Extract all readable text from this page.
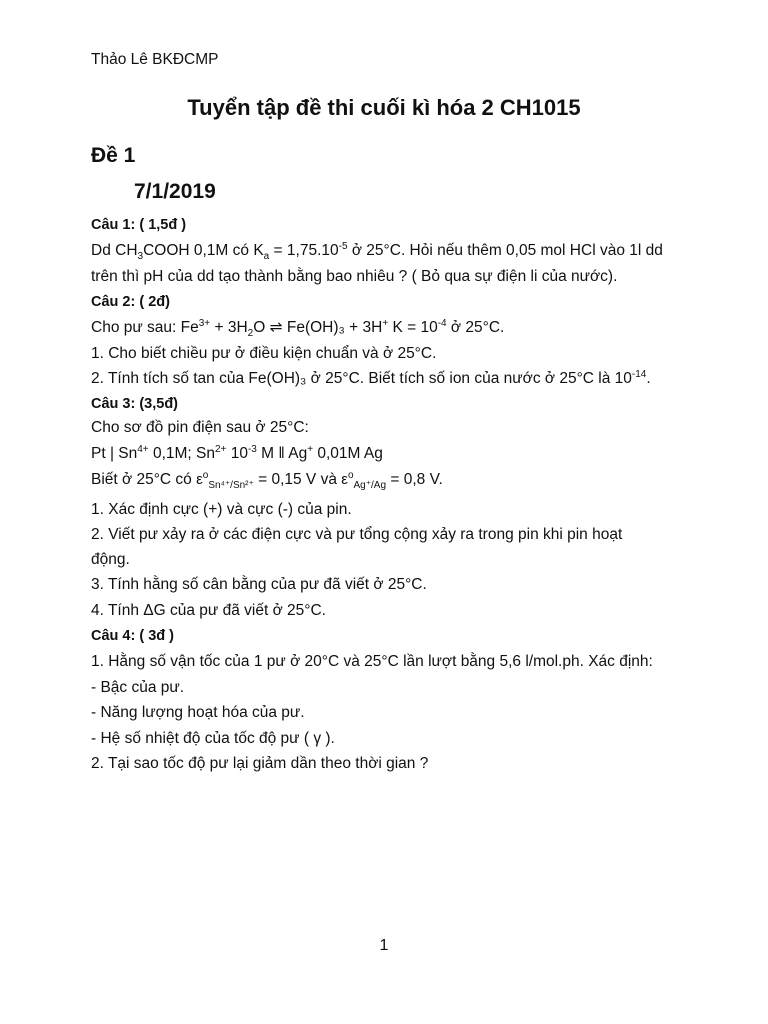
Thảo Lê BKĐCMP
Tuyển tập đề thi cuối kì hóa 2 CH1015
Đề 1
7/1/2019
Câu 1: ( 1,5đ )
Dd $CH_3COOH$ 0,1M có $K_a = 1,75.10^{-5}$ ở 25°C. Hỏi nếu thêm 0,05 mol HCl vào 1l dd
trên thì pH của dd tạo thành bằng bao nhiêu ? ( Bỏ qua sự điện li của nước).
Câu 2: ( 2đ)
Cho pư sau: $Fe^{3+} + 3H_2O$ ⇌ Fe(OH)₃ + 3H+ $K = 10^{-4}$ ở 25°C.
1. Cho biết chiều pư ở điều kiện chuẩn và ở 25°C.
2. Tính tích số tan của Fe(OH)₃ ở 25°C. Biết tích số ion của nước ở 25°C là $10^{-14}$.
Câu 3: (3,5đ)
Cho sơ đồ pin điện sau ở 25°C:
Pt | $Sn^{4+}$ 0,1M; $Sn^{2+}$ $10^{-3}$ M ‖ Ag+ 0,01M Ag
Biết ở 25°C có $\varepsilon^o_{Sn^{4+}/Sn^{2+}} = 0,15$ V và $\varepsilon^o_{Ag^+/Ag} = 0,8$ V.
1. Xác định cực (+) và cực (-) của pin.
2. Viết pư xảy ra ở các điện cực và pư tổng cộng xảy ra trong pin khi pin hoạt
động.
3. Tính hằng số cân bằng của pư đã viết ở 25°C.
4. Tính ΔG của pư đã viết ở 25°C.
Câu 4: ( 3đ )
1. Hằng số vận tốc của 1 pư ở 20°C và 25°C lần lượt bằng 5,6 l/mol.ph. Xác định:
- Bậc của pư.
- Năng lượng hoạt hóa của pư.
- Hệ số nhiệt độ của tốc độ pư ( γ ).
2. Tại sao tốc độ pư lại giảm dần theo thời gian ?
1
